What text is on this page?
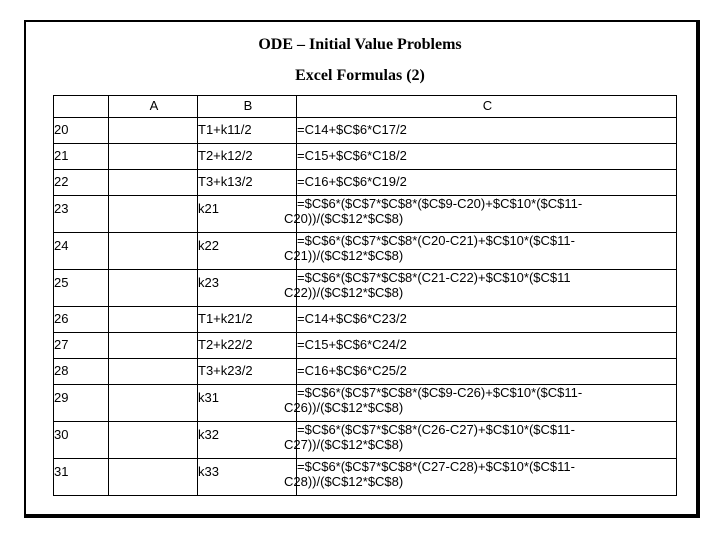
ODE – Initial Value Problems
Excel Formulas (2)
	A	B	C
20		T1+k11/2	=C14+$C$6*C17/2
21		T2+k12/2	=C15+$C$6*C18/2
22		T3+k13/2	=C16+$C$6*C19/2
23		k21	=$C$6*($C$7*$C$8*($C$9-C20)+$C$10*($C$11-
C20))/($C$12*$C$8)

24		k22	=$C$6*($C$7*$C$8*(C20-C21)+$C$10*($C$11-
C21))/($C$12*$C$8)

25		k23	=$C$6*($C$7*$C$8*(C21-C22)+$C$10*($C$11
C22))/($C$12*$C$8)

26		T1+k21/2	=C14+$C$6*C23/2
27		T2+k22/2	=C15+$C$6*C24/2
28		T3+k23/2	=C16+$C$6*C25/2
29		k31	=$C$6*($C$7*$C$8*($C$9-C26)+$C$10*($C$11-
C26))/($C$12*$C$8)

30		k32	=$C$6*($C$7*$C$8*(C26-C27)+$C$10*($C$11-
C27))/($C$12*$C$8)

31		k33	=$C$6*($C$7*$C$8*(C27-C28)+$C$10*($C$11-
C28))/($C$12*$C$8)
